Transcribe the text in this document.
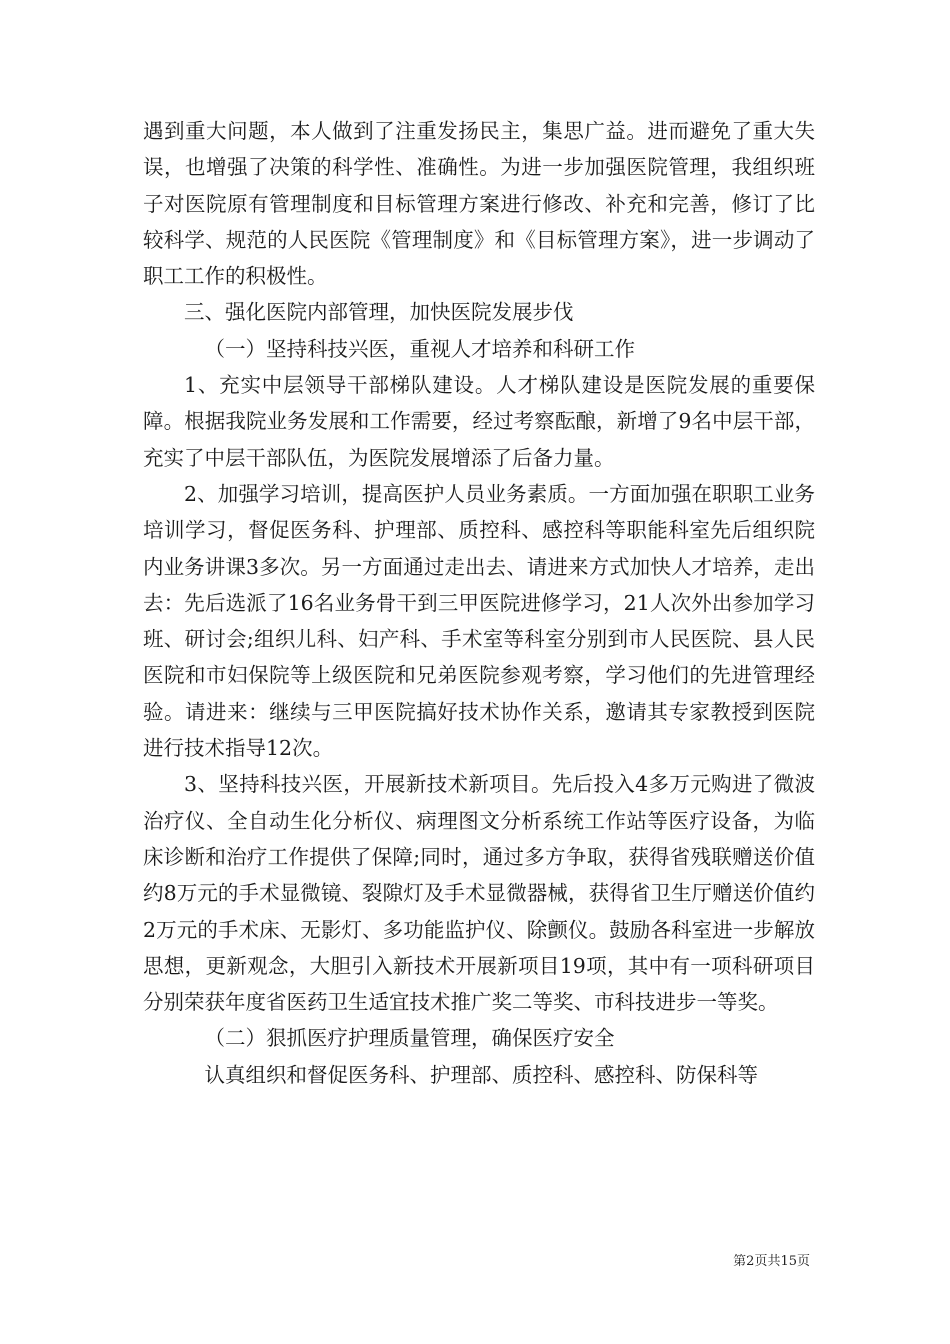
遇到重大问题，本人做到了注重发扬民主，集思广益。进而避免了重大失误，也增强了决策的科学性、准确性。为进一步加强医院管理，我组织班子对医院原有管理制度和目标管理方案进行修改、补充和完善，修订了比较科学、规范的人民医院《管理制度》和《目标管理方案》，进一步调动了职工工作的积极性。

三、强化医院内部管理，加快医院发展步伐

（一）坚持科技兴医，重视人才培养和科研工作

1、充实中层领导干部梯队建设。人才梯队建设是医院发展的重要保障。根据我院业务发展和工作需要，经过考察酝酿，新增了9名中层干部，充实了中层干部队伍，为医院发展增添了后备力量。

2、加强学习培训，提高医护人员业务素质。一方面加强在职职工业务培训学习，督促医务科、护理部、质控科、感控科等职能科室先后组织院内业务讲课3多次。另一方面通过走出去、请进来方式加快人才培养，走出去：先后选派了16名业务骨干到三甲医院进修学习，21人次外出参加学习班、研讨会;组织儿科、妇产科、手术室等科室分别到市人民医院、县人民医院和市妇保院等上级医院和兄弟医院参观考察，学习他们的先进管理经验。请进来：继续与三甲医院搞好技术协作关系，邀请其专家教授到医院进行技术指导12次。

3、坚持科技兴医，开展新技术新项目。先后投入4多万元购进了微波治疗仪、全自动生化分析仪、病理图文分析系统工作站等医疗设备，为临床诊断和治疗工作提供了保障;同时，通过多方争取，获得省残联赠送价值约8万元的手术显微镜、裂隙灯及手术显微器械，获得省卫生厅赠送价值约2万元的手术床、无影灯、多功能监护仪、除颤仪。鼓励各科室进一步解放思想，更新观念，大胆引入新技术开展新项目19项，其中有一项科研项目分别荣获年度省医药卫生适宜技术推广奖二等奖、市科技进步一等奖。

（二）狠抓医疗护理质量管理，确保医疗安全

认真组织和督促医务科、护理部、质控科、感控科、防保科等

第2页共15页
